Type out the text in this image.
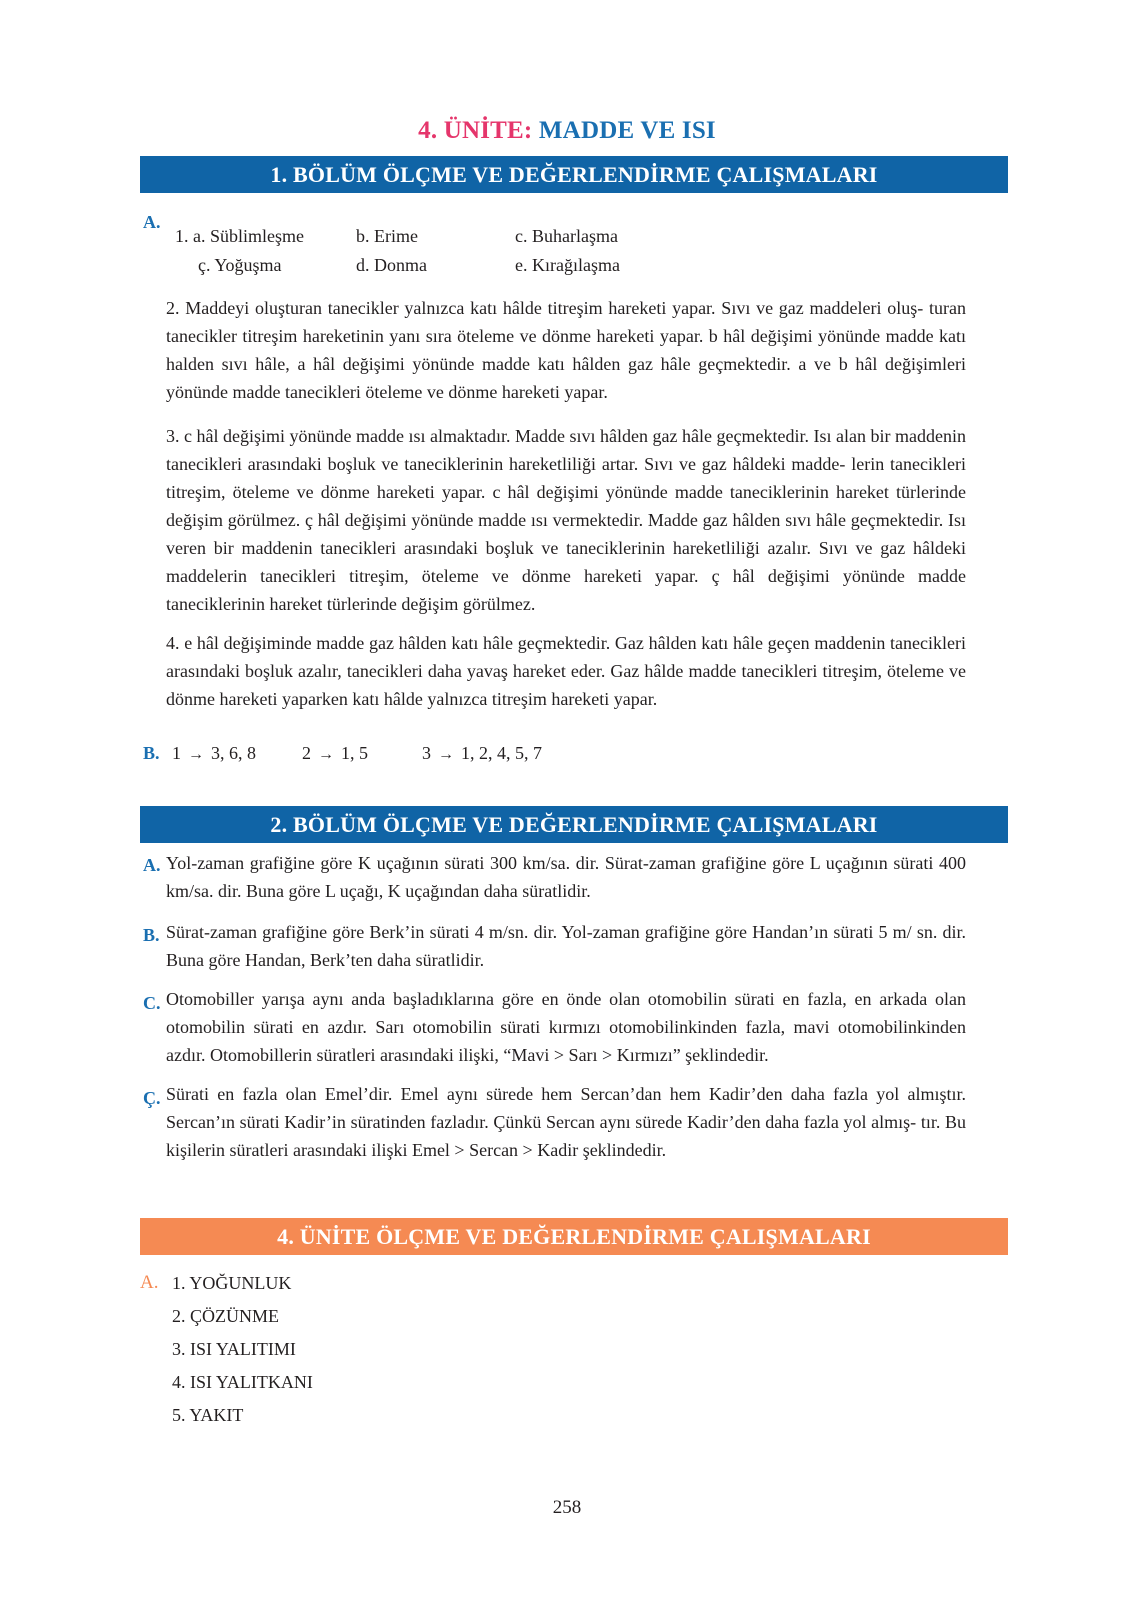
4. ÜNİTE: MADDE VE ISI
1. BÖLÜM ÖLÇME VE DEĞERLENDİRME ÇALIŞMALARI
A.
1. a. Süblimleşme	b. Erime	c. Buharlaşma
ç. Yoğuşma	d. Donma	e. Kırağılaşma
2. Maddeyi oluşturan tanecikler yalnızca katı hâlde titreşim hareketi yapar. Sıvı ve gaz maddeleri oluş- turan tanecikler titreşim hareketinin yanı sıra öteleme ve dönme hareketi yapar. b hâl değişimi yönünde madde katı halden sıvı hâle, a hâl değişimi yönünde madde katı hâlden gaz hâle geçmektedir. a ve b hâl değişimleri yönünde madde tanecikleri öteleme ve dönme hareketi yapar.
3. c hâl değişimi yönünde madde ısı almaktadır. Madde sıvı hâlden gaz hâle geçmektedir. Isı alan bir maddenin tanecikleri arasındaki boşluk ve taneciklerinin hareketliliği artar. Sıvı ve gaz hâldeki madde- lerin tanecikleri titreşim, öteleme ve dönme hareketi yapar. c hâl değişimi yönünde madde taneciklerinin hareket türlerinde değişim görülmez. ç hâl değişimi yönünde madde ısı vermektedir. Madde gaz hâlden sıvı hâle geçmektedir. Isı veren bir maddenin tanecikleri arasındaki boşluk ve taneciklerinin hareketliliği azalır. Sıvı ve gaz hâldeki maddelerin tanecikleri titreşim, öteleme ve dönme hareketi yapar. ç hâl değişimi yönünde madde taneciklerinin hareket türlerinde değişim görülmez.
4. e hâl değişiminde madde gaz hâlden katı hâle geçmektedir. Gaz hâlden katı hâle geçen maddenin tanecikleri arasındaki boşluk azalır, tanecikleri daha yavaş hareket eder. Gaz hâlde madde tanecikleri titreşim, öteleme ve dönme hareketi yaparken katı hâlde yalnızca titreşim hareketi yapar.
B. 1 → 3, 6, 8	2 → 1, 5	3 → 1, 2, 4, 5, 7
2. BÖLÜM ÖLÇME VE DEĞERLENDİRME ÇALIŞMALARI
A. Yol-zaman grafiğine göre K uçağının sürati 300 km/sa. dir. Sürat-zaman grafiğine göre L uçağının sürati 400 km/sa. dir. Buna göre L uçağı, K uçağından daha süratlidir.
B. Sürat-zaman grafiğine göre Berk’in sürati 4 m/sn. dir. Yol-zaman grafiğine göre Handan’ın sürati 5 m/ sn. dir. Buna göre Handan, Berk’ten daha süratlidir.
C. Otomobiller yarışa aynı anda başladıklarına göre en önde olan otomobilin sürati en fazla, en arkada olan otomobilin sürati en azdır. Sarı otomobilin sürati kırmızı otomobilinkinden fazla, mavi otomobilinkinden azdır. Otomobillerin süratleri arasındaki ilişki, “Mavi > Sarı > Kırmızı” şeklindedir.
Ç. Sürati en fazla olan Emel’dir. Emel aynı sürede hem Sercan’dan hem Kadir’den daha fazla yol almıştır. Sercan’ın sürati Kadir’in süratinden fazladır. Çünkü Sercan aynı sürede Kadir’den daha fazla yol almış- tır. Bu kişilerin süratleri arasındaki ilişki Emel > Sercan > Kadir şeklindedir.
4. ÜNİTE ÖLÇME VE DEĞERLENDİRME ÇALIŞMALARI
A. 1. YOĞUNLUK
2. ÇÖZÜNME
3. ISI YALITIMI
4. ISI YALITKANI
5. YAKIT
258
